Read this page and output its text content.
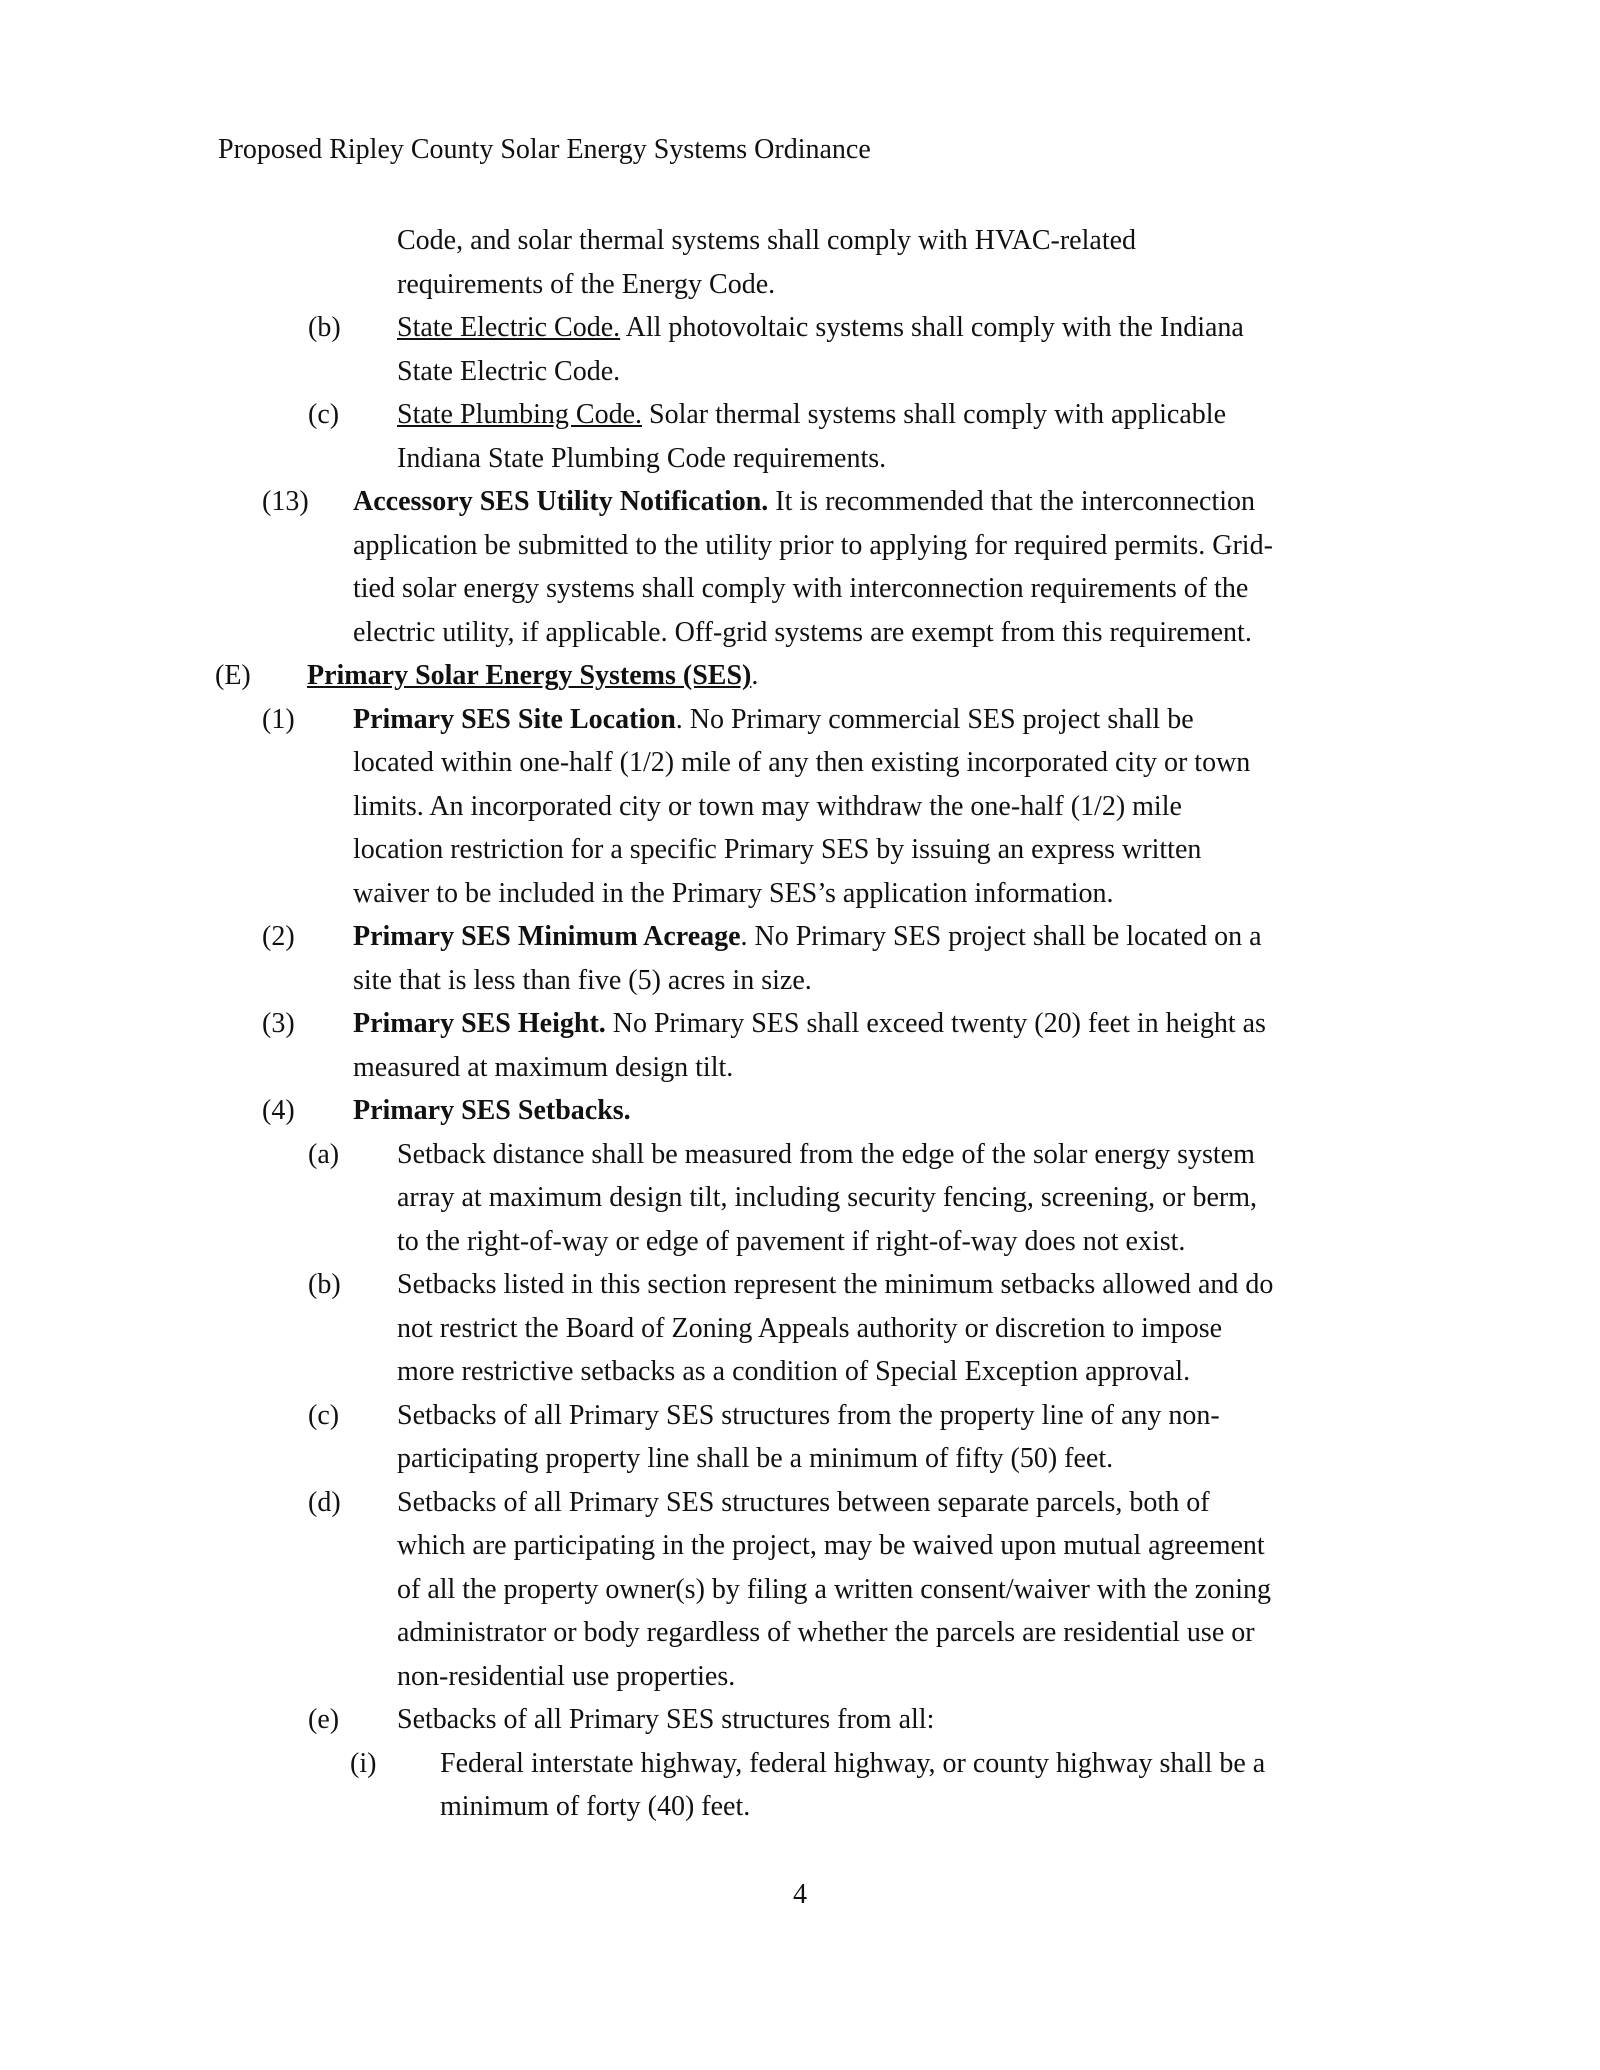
Proposed Ripley County Solar Energy Systems Ordinance
Code, and solar thermal systems shall comply with HVAC-related
requirements of the Energy Code.
(b) State Electric Code. All photovoltaic systems shall comply with the Indiana
State Electric Code.
(c) State Plumbing Code. Solar thermal systems shall comply with applicable
Indiana State Plumbing Code requirements.
(13) Accessory SES Utility Notification. It is recommended that the interconnection
application be submitted to the utility prior to applying for required permits. Grid-
tied solar energy systems shall comply with interconnection requirements of the
electric utility, if applicable. Off-grid systems are exempt from this requirement.
(E) Primary Solar Energy Systems (SES).
(1) Primary SES Site Location. No Primary commercial SES project shall be
located within one-half (1/2) mile of any then existing incorporated city or town
limits. An incorporated city or town may withdraw the one-half (1/2) mile
location restriction for a specific Primary SES by issuing an express written
waiver to be included in the Primary SES’s application information.
(2) Primary SES Minimum Acreage. No Primary SES project shall be located on a
site that is less than five (5) acres in size.
(3) Primary SES Height. No Primary SES shall exceed twenty (20) feet in height as
measured at maximum design tilt.
(4) Primary SES Setbacks.
(a) Setback distance shall be measured from the edge of the solar energy system
array at maximum design tilt, including security fencing, screening, or berm,
to the right-of-way or edge of pavement if right-of-way does not exist.
(b) Setbacks listed in this section represent the minimum setbacks allowed and do
not restrict the Board of Zoning Appeals authority or discretion to impose
more restrictive setbacks as a condition of Special Exception approval.
(c) Setbacks of all Primary SES structures from the property line of any non-
participating property line shall be a minimum of fifty (50) feet.
(d) Setbacks of all Primary SES structures between separate parcels, both of
which are participating in the project, may be waived upon mutual agreement
of all the property owner(s) by filing a written consent/waiver with the zoning
administrator or body regardless of whether the parcels are residential use or
non-residential use properties.
(e) Setbacks of all Primary SES structures from all:
(i) Federal interstate highway, federal highway, or county highway shall be a
minimum of forty (40) feet.
4
